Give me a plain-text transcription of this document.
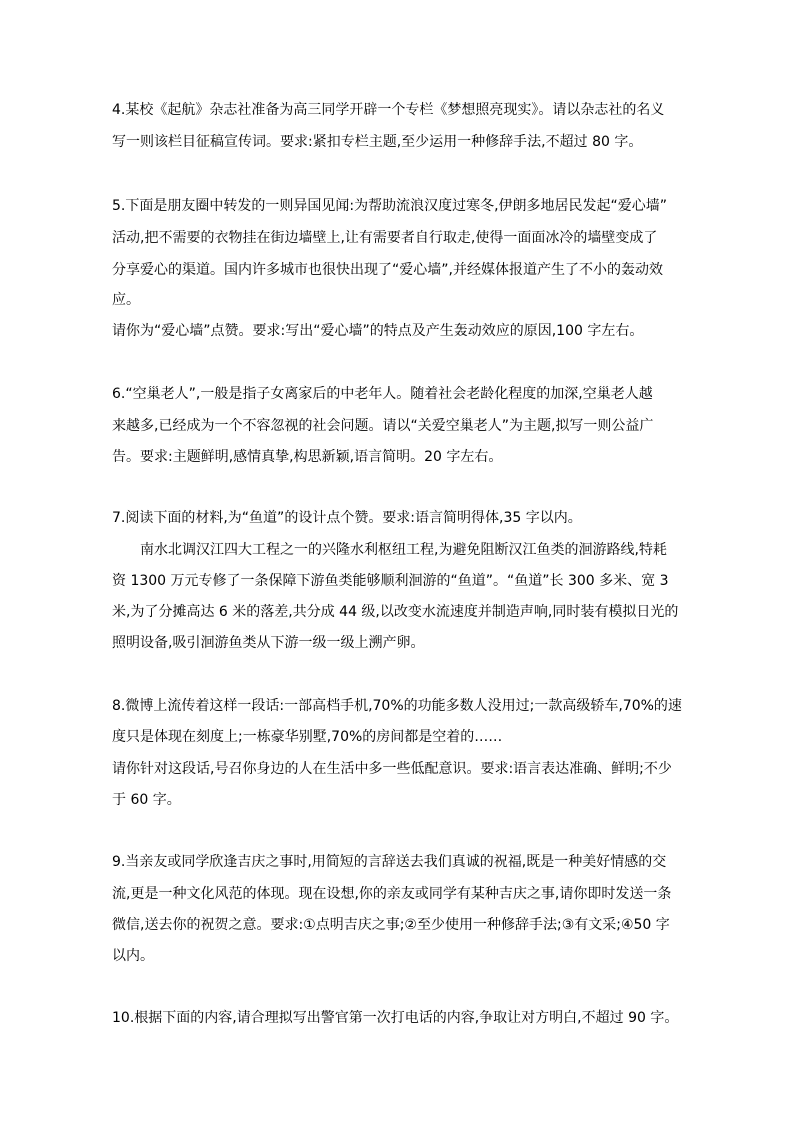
4.某校《起航》杂志社准备为高三同学开辟一个专栏《梦想照亮现实》。请以杂志社的名义
写一则该栏目征稿宣传词。要求:紧扣专栏主题,至少运用一种修辞手法,不超过 80 字。
5.下面是朋友圈中转发的一则异国见闻:为帮助流浪汉度过寒冬,伊朗多地居民发起“爱心墙”
活动,把不需要的衣物挂在街边墙壁上,让有需要者自行取走,使得一面面冰冷的墙壁变成了
分享爱心的渠道。国内许多城市也很快出现了“爱心墙”,并经媒体报道产生了不小的轰动效
应。
请你为“爱心墙”点赞。要求:写出“爱心墙”的特点及产生轰动效应的原因,100 字左右。
6.“空巢老人”,一般是指子女离家后的中老年人。随着社会老龄化程度的加深,空巢老人越
来越多,已经成为一个不容忽视的社会问题。请以“关爱空巢老人”为主题,拟写一则公益广
告。要求:主题鲜明,感情真挚,构思新颖,语言简明。20 字左右。
7.阅读下面的材料,为“鱼道”的设计点个赞。要求:语言简明得体,35 字以内。
南水北调汉江四大工程之一的兴隆水利枢纽工程,为避免阻断汉江鱼类的洄游路线,特耗
资 1300 万元专修了一条保障下游鱼类能够顺利洄游的“鱼道”。“鱼道”长 300 多米、宽 3
米,为了分摊高达 6 米的落差,共分成 44 级,以改变水流速度并制造声响,同时装有模拟日光的
照明设备,吸引洄游鱼类从下游一级一级上溯产卵。
8.微博上流传着这样一段话:一部高档手机,70%的功能多数人没用过;一款高级轿车,70%的速
度只是体现在刻度上;一栋豪华别墅,70%的房间都是空着的……
请你针对这段话,号召你身边的人在生活中多一些低配意识。要求:语言表达准确、鲜明;不少
于 60 字。
9.当亲友或同学欣逢吉庆之事时,用简短的言辞送去我们真诚的祝福,既是一种美好情感的交
流,更是一种文化风范的体现。现在设想,你的亲友或同学有某种吉庆之事,请你即时发送一条
微信,送去你的祝贺之意。要求:①点明吉庆之事;②至少使用一种修辞手法;③有文采;④50 字
以内。
10.根据下面的内容,请合理拟写出警官第一次打电话的内容,争取让对方明白,不超过 90 字。
